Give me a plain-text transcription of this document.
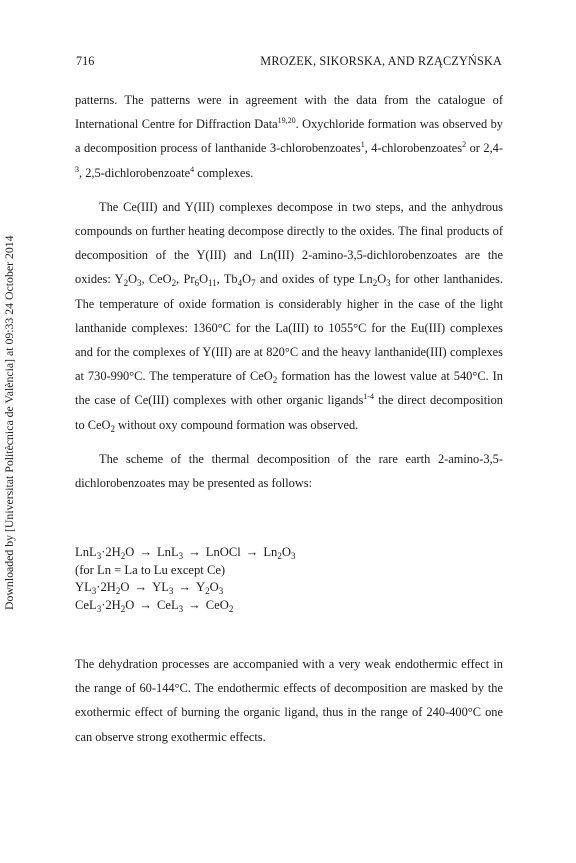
716	MROZEK, SIKORSKA, AND RZĄCZYŃSKA
Downloaded by [Universitat Politècnica de València] at 09:33 24 October 2014

patterns. The patterns were in agreement with the data from the catalogue of International Centre for Diffraction Data$^{19,20}$. Oxychloride formation was observed by a decomposition process of lanthanide 3-chlorobenzoates$^1$, 4-chlorobenzoates$^2$ or 2,4- $^3$, 2,5-dichlorobenzoate$^4$ complexes.

The Ce(III) and Y(III) complexes decompose in two steps, and the anhydrous compounds on further heating decompose directly to the oxides. The final products of decomposition of the Y(III) and Ln(III) 2-amino-3,5-dichlorobenzoates are the oxides: $Y_2O_3$, CeO$_2$, $Pr_6O_{11}$, $Tb_4O_7$ and oxides of type $Ln_2O_3$ for other lanthanides. The temperature of oxide formation is considerably higher in the case of the light lanthanide complexes: 1360°C for the La(III) to 1055°C for the Eu(III) complexes and for the complexes of Y(III) are at 820°C and the heavy lanthanide(III) complexes at 730-990°C. The temperature of CeO$_2$ formation has the lowest value at 540°C. In the case of Ce(III) complexes with other organic ligands$^{1-4}$ the direct decomposition to CeO$_2$ without oxy compound formation was observed.

The scheme of the thermal decomposition of the rare earth 2-amino-3,5-dichlorobenzoates may be presented as follows:

$LnL_3\cdot 2H_2O \to LnL_3$ → LnOCl → $Ln_2O_3$
(for Ln = La to Lu except Ce)
$YL_3\cdot 2H_2O \to YL_3 \to Y_2O_3$
$CeL_3\cdot 2H_2O \to CeL_3 \to CeO_2$

The dehydration processes are accompanied with a very weak endothermic effect in the range of 60-144°C. The endothermic effects of decomposition are masked by the exothermic effect of burning the organic ligand, thus in the range of 240-400°C one can observe strong exothermic effects.
